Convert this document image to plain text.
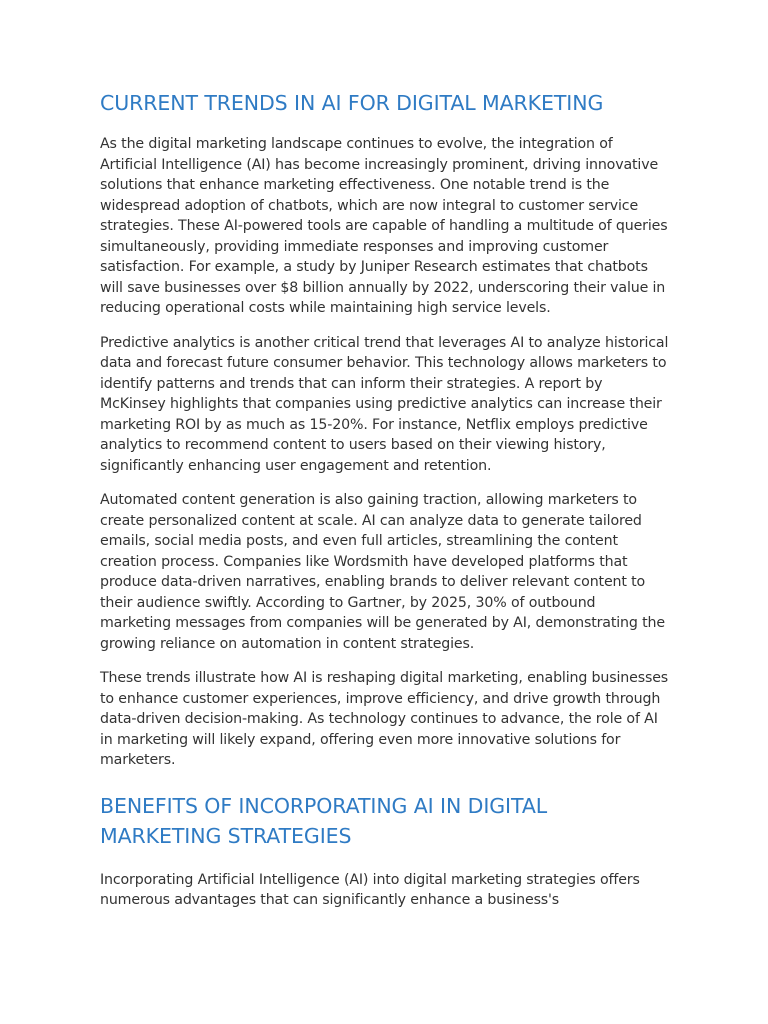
CURRENT TRENDS IN AI FOR DIGITAL MARKETING

As the digital marketing landscape continues to evolve, the integration of Artificial Intelligence (AI) has become increasingly prominent, driving innovative solutions that enhance marketing effectiveness. One notable trend is the widespread adoption of chatbots, which are now integral to customer service strategies. These AI-powered tools are capable of handling a multitude of queries simultaneously, providing immediate responses and improving customer satisfaction. For example, a study by Juniper Research estimates that chatbots will save businesses over $8 billion annually by 2022, underscoring their value in reducing operational costs while maintaining high service levels.

Predictive analytics is another critical trend that leverages AI to analyze historical data and forecast future consumer behavior. This technology allows marketers to identify patterns and trends that can inform their strategies. A report by McKinsey highlights that companies using predictive analytics can increase their marketing ROI by as much as 15-20%. For instance, Netflix employs predictive analytics to recommend content to users based on their viewing history, significantly enhancing user engagement and retention.

Automated content generation is also gaining traction, allowing marketers to create personalized content at scale. AI can analyze data to generate tailored emails, social media posts, and even full articles, streamlining the content creation process. Companies like Wordsmith have developed platforms that produce data-driven narratives, enabling brands to deliver relevant content to their audience swiftly. According to Gartner, by 2025, 30% of outbound marketing messages from companies will be generated by AI, demonstrating the growing reliance on automation in content strategies.

These trends illustrate how AI is reshaping digital marketing, enabling businesses to enhance customer experiences, improve efficiency, and drive growth through data-driven decision-making. As technology continues to advance, the role of AI in marketing will likely expand, offering even more innovative solutions for marketers.

BENEFITS OF INCORPORATING AI IN DIGITAL MARKETING STRATEGIES

Incorporating Artificial Intelligence (AI) into digital marketing strategies offers numerous advantages that can significantly enhance a business's
